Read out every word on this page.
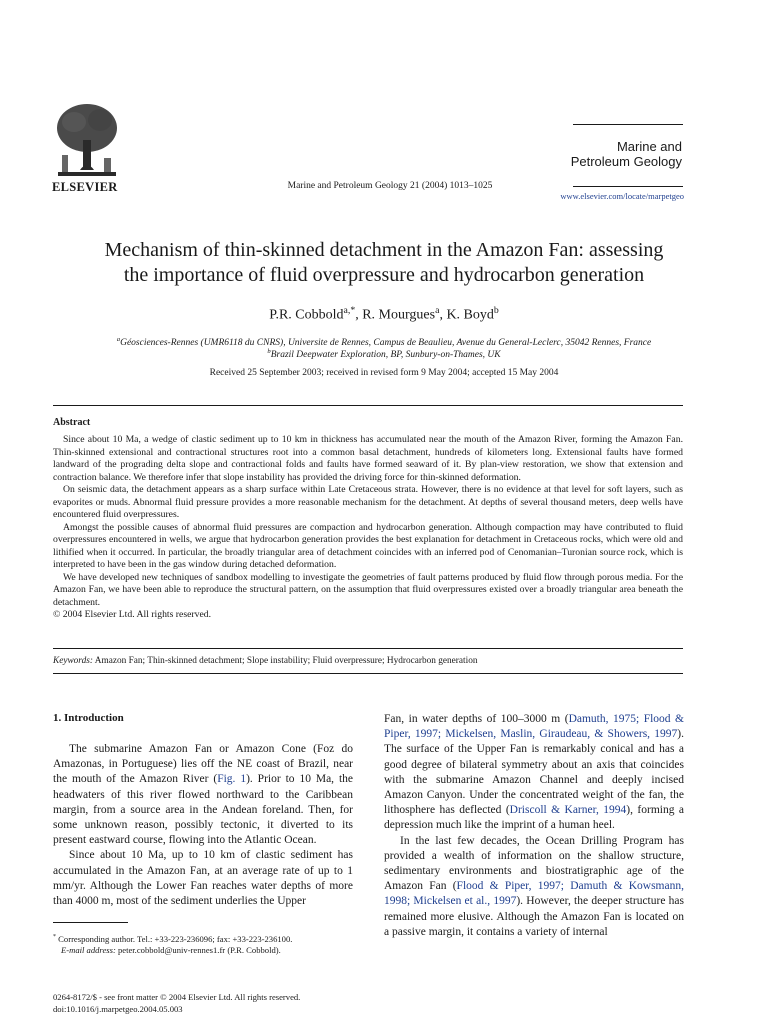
ELSEVIER	Marine and Petroleum Geology 21 (2004) 1013–1025
Marine and
Petroleum Geology
www.elsevier.com/locate/marpetgeo
Mechanism of thin-skinned detachment in the Amazon Fan: assessing
the importance of fluid overpressure and hydrocarbon generation
P.R. Cobbold$^{a,*}$, R. Mourgues$^a$, K. Boyd$^b$
$^a$Géosciences-Rennes (UMR6118 du CNRS), Universite de Rennes, Campus de Beaulieu, Avenue du General-Leclerc, 35042 Rennes, France
$^b$Brazil Deepwater Exploration, BP, Sunbury-on-Thames, UK
Received 25 September 2003; received in revised form 9 May 2004; accepted 15 May 2004
Abstract

Since about 10 Ma, a wedge of clastic sediment up to 10 km in thickness has accumulated near the mouth of the Amazon River, forming the Amazon Fan. Thin-skinned extensional and contractional structures root into a common basal detachment, hundreds of kilometers long. Extensional faults have formed landward of the prograding delta slope and contractional folds and faults have formed seaward of it. By plan-view restoration, we show that extension and contraction balance. We therefore infer that slope instability has provided the driving force for thin-skinned deformation.

On seismic data, the detachment appears as a sharp surface within Late Cretaceous strata. However, there is no evidence at that level for soft layers, such as evaporites or muds. Abnormal fluid pressure provides a more reasonable mechanism for the detachment. At depths of several thousand meters, deep wells have encountered fluid overpressures.

Amongst the possible causes of abnormal fluid pressures are compaction and hydrocarbon generation. Although compaction may have contributed to fluid overpressures encountered in wells, we argue that hydrocarbon generation provides the best explanation for detachment in Cretaceous rocks, which were old and lithified when it occurred. In particular, the broadly triangular area of detachment coincides with an inferred pod of Cenomanian–Turonian source rock, which is interpreted to have been in the gas window during detached deformation.

We have developed new techniques of sandbox modelling to investigate the geometries of fault patterns produced by fluid flow through porous media. For the Amazon Fan, we have been able to reproduce the structural pattern, on the assumption that fluid overpressures existed over a broadly triangular area beneath the detachment.

© 2004 Elsevier Ltd. All rights reserved.

Keywords: Amazon Fan; Thin-skinned detachment; Slope instability; Fluid overpressure; Hydrocarbon generation
1. Introduction

The submarine Amazon Fan or Amazon Cone (Foz do Amazonas, in Portuguese) lies off the NE coast of Brazil, near the mouth of the Amazon River (Fig. 1). Prior to 10 Ma, the headwaters of this river flowed northward to the Caribbean margin, from a source area in the Andean foreland. Then, for some unknown reason, possibly tectonic, it diverted to its present eastward course, flowing into the Atlantic Ocean.

Since about 10 Ma, up to 10 km of clastic sediment has accumulated in the Amazon Fan, at an average rate of up to 1 mm/yr. Although the Lower Fan reaches water depths of more than 4000 m, most of the sediment underlies the Upper

Fan, in water depths of 100–3000 m (Damuth, 1975; Flood & Piper, 1997; Mickelsen, Maslin, Giraudeau, & Showers, 1997). The surface of the Upper Fan is remarkably conical and has a good degree of bilateral symmetry about an axis that coincides with the submarine Amazon Channel and deeply incised Amazon Canyon. Under the concentrated weight of the fan, the lithosphere has deflected (Driscoll & Karner, 1994), forming a depression much like the imprint of a human heel.

In the last few decades, the Ocean Drilling Program has provided a wealth of information on the shallow structure, sedimentary environments and biostratigraphic age of the Amazon Fan (Flood & Piper, 1997; Damuth & Kowsmann, 1998; Mickelsen et al., 1997). However, the deeper structure has remained more elusive. Although the Amazon Fan is located on a passive margin, it contains a variety of internal

* Corresponding author. Tel.: +33-223-236096; fax: +33-223-236100.
E-mail address: peter.cobbold@univ-rennes1.fr (P.R. Cobbold).
0264-8172/$ - see front matter © 2004 Elsevier Ltd. All rights reserved.
doi:10.1016/j.marpetgeo.2004.05.003
